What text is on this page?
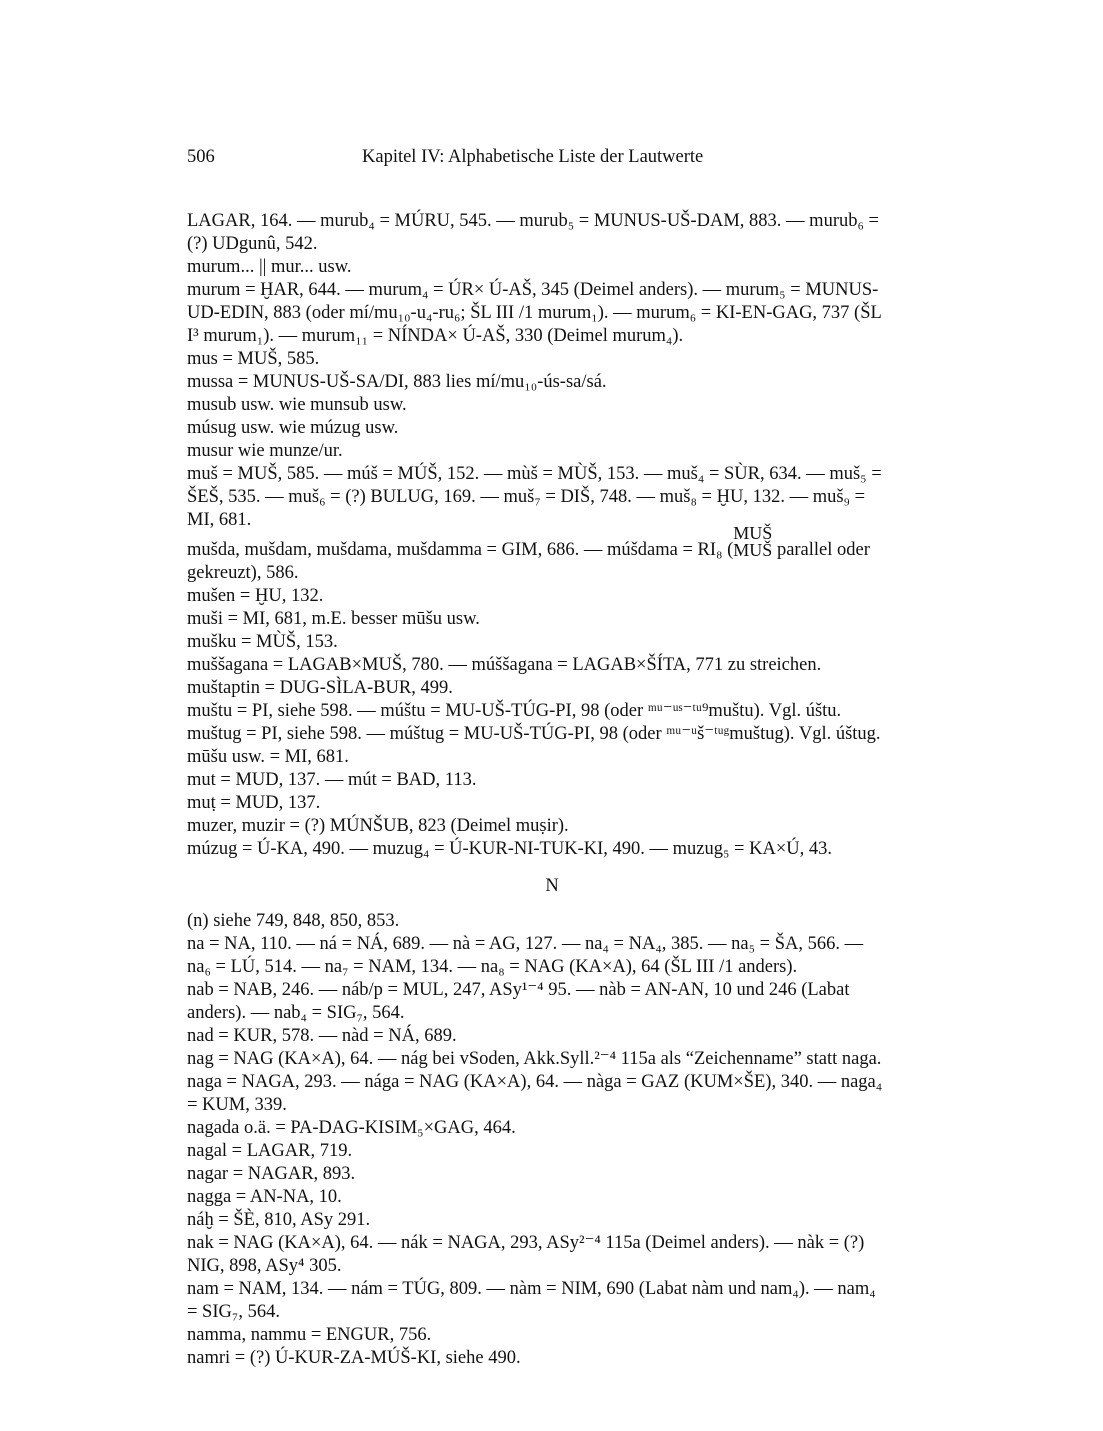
506	Kapitel IV: Alphabetische Liste der Lautwerte
LAGAR, 164. — murub₄ = MÚRU, 545. — murub₅ = MUNUS-UŠ-DAM, 883. — murub₆ =
(?) UDgunû, 542.
murum... || mur... usw.
murum = ḪAR, 644. — murum₄ = ÚR× Ú-AŠ, 345 (Deimel anders). — murum₅ = MUNUS-
UD-EDIN, 883 (oder mí/mu₁₀-u₄-ru₆; ŠL III /1 murum₁). — murum₆ = KI-EN-GAG, 737 (ŠL
I³ murum₁). — murum₁₁ = NÍNDA× Ú-AŠ, 330 (Deimel murum₄).
mus = MUŠ, 585.
mussa = MUNUS-UŠ-SA/DI, 883 lies mí/mu₁₀-ús-sa/sá.
musub usw. wie munsub usw.
músug usw. wie múzug usw.
musur wie munze/ur.
muš = MUŠ, 585. — múš = MÚŠ, 152. — mùš = MÙŠ, 153. — muš₄ = SÙR, 634. — muš₅ =
ŠEŠ, 535. — muš₆ = (?) BULUG, 169. — muš₇ = DIŠ, 748. — muš₈ = ḪU, 132. — muš₉ =
MI, 681.
mušda, mušdam, mušdama, mušdamma = GIM, 686. — múšdama = RI₈ (
MUŠ
MUŠ parallel oder
gekreuzt), 586.
mušen = ḪU, 132.
muši = MI, 681, m.E. besser mūšu usw.
mušku = MÙŠ, 153.
muššagana = LAGAB×MUŠ, 780. — múššagana = LAGAB×ŠÍTA, 771 zu streichen.
muštaptin = DUG-SÌLA-BUR, 499.
muštu = PI, siehe 598. — múštu = MU-UŠ-TÚG-PI, 98 (oder ᵐᵘ⁻ᵘˢ⁻ᵗᵘ⁹muštu). Vgl. úštu.
muštug = PI, siehe 598. — múštug = MU-UŠ-TÚG-PI, 98 (oder ᵐᵘ⁻ᵘš⁻ᵗᵘᵍmuštug). Vgl. úštug.
mūšu usw. = MI, 681.
mut = MUD, 137. — mút = BAD, 113.
muṭ = MUD, 137.
muzer, muzir = (?) MÚNŠUB, 823 (Deimel muṣir).
múzug = Ú-KA, 490. — muzug₄ = Ú-KUR-NI-TUK-KI, 490. — muzug₅ = KA×Ú, 43.
N
(n) siehe 749, 848, 850, 853.
na = NA, 110. — ná = NÁ, 689. — nà = AG, 127. — na₄ = NA₄, 385. — na₅ = ŠA, 566. —
na₆ = LÚ, 514. — na₇ = NAM, 134. — na₈ = NAG (KA×A), 64 (ŠL III /1 anders).
nab = NAB, 246. — náb/p = MUL, 247, ASy¹⁻⁴ 95. — nàb = AN-AN, 10 und 246 (Labat
anders). — nab₄ = SIG₇, 564.
nad = KUR, 578. — nàd = NÁ, 689.
nag = NAG (KA×A), 64. — nág bei vSoden, Akk.Syll.²⁻⁴ 115a als “Zeichenname” statt naga.
naga = NAGA, 293. — nága = NAG (KA×A), 64. — nàga = GAZ (KUM×ŠE), 340. — naga₄
= KUM, 339.
nagada o.ä. = PA-DAG-KISIM₅×GAG, 464.
nagal = LAGAR, 719.
nagar = NAGAR, 893.
nagga = AN-NA, 10.
náḫ = ŠÈ, 810, ASy 291.
nak = NAG (KA×A), 64. — nák = NAGA, 293, ASy²⁻⁴ 115a (Deimel anders). — nàk = (?)
NIG, 898, ASy⁴ 305.
nam = NAM, 134. — nám = TÚG, 809. — nàm = NIM, 690 (Labat nàm und nam₄). — nam₄
= SIG₇, 564.
namma, nammu = ENGUR, 756.
namri = (?) Ú-KUR-ZA-MÚŠ-KI, siehe 490.
